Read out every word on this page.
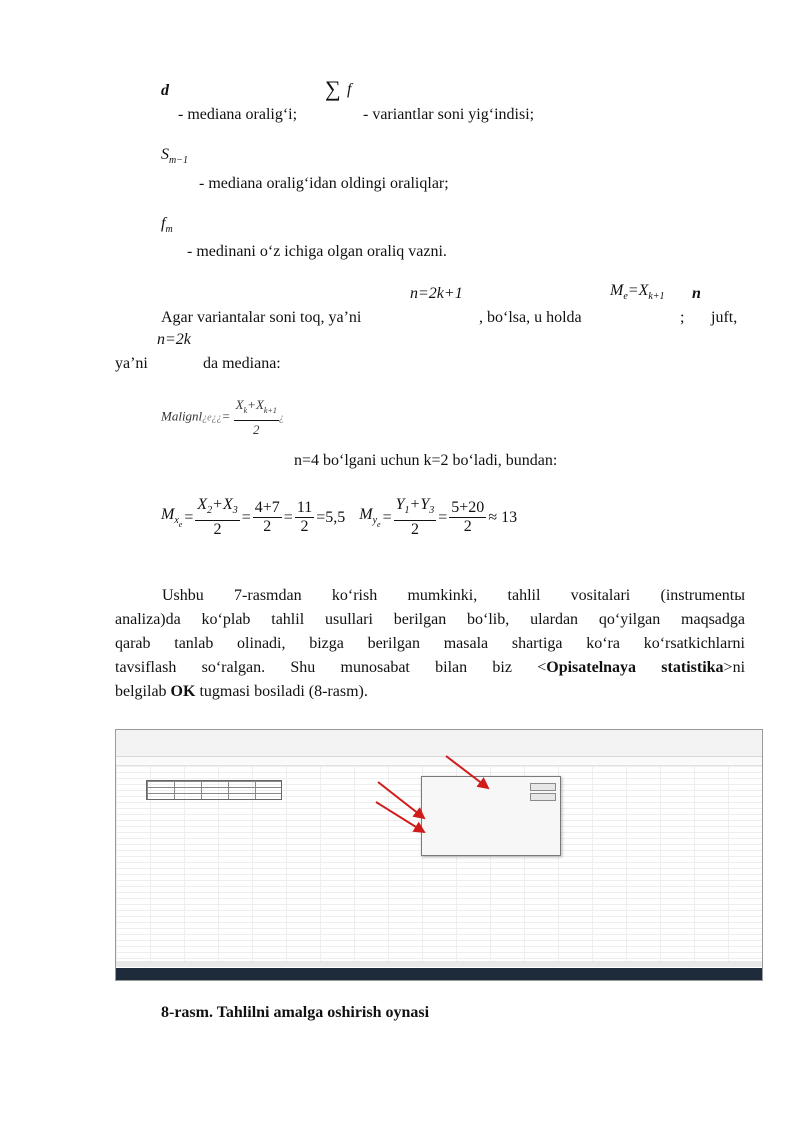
d	∑ f
- mediana oralig‘i;	- variantlar soni yig‘indisi;
$S_{m-1}$
- mediana oralig‘idan oldingi oraliqlar;
$f_m$
- medinani o‘z ichiga olgan oraliq vazni.
n=2k+1	$M_e=X_{k+1}$ n
Agar variantalar soni toq, ya’ni	, bo‘lsa, u holda	; juft,
n=2k
ya’ni	da mediana:
Malignl¿e¿¿= $\frac{X_k+X_{k+1}}{2}$ ¿
n=4 bo‘lgani uchun k=2 bo‘ladi, bundan:
$M_{x_e} = \frac{X_2+X_3}{2} = \frac{4+7}{2} = \frac{11}{2} =5,5$ $M_{y_e} = \frac{Y_1+Y_3}{2} = \frac{5+20}{2} \approx 13$
Ushbu 7-rasmdan ko‘rish mumkinki, tahlil vositalari (instrumentы
analiza)da ko‘plab tahlil usullari berilgan bo‘lib, ulardan qo‘yilgan maqsadga
qarab tanlab olinadi, bizga berilgan masala shartiga ko‘ra ko‘rsatkichlarni
tavsiflash so‘ralgan. Shu munosabat bilan biz <Opisatelnaya statistika>ni
belgilab OK tugmasi bosiladi (8-rasm).
8-rasm. Tahlilni amalga oshirish oynasi
